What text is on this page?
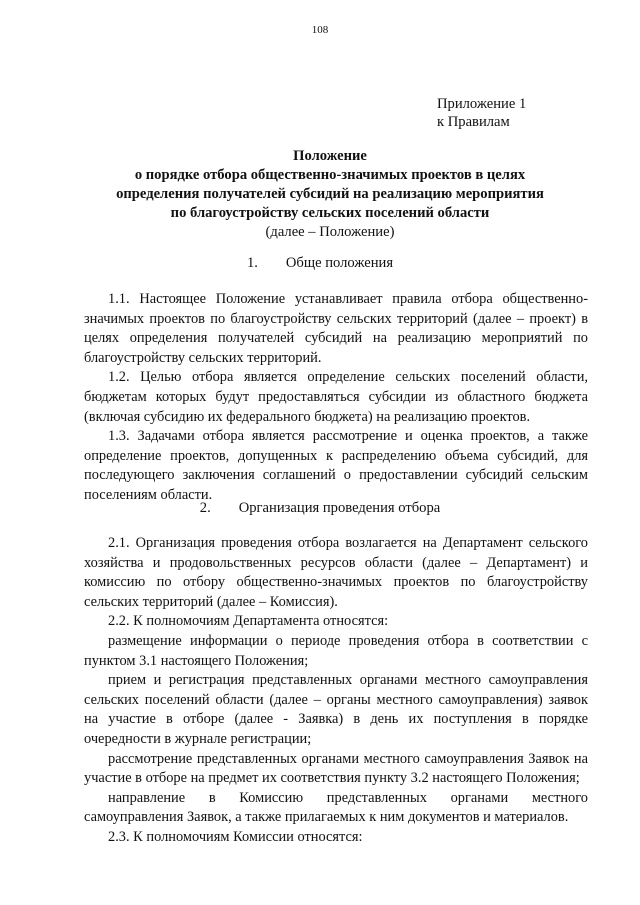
108
Приложение 1
к Правилам
Положение
о порядке отбора общественно-значимых проектов в целях
определения получателей субсидий на реализацию мероприятия
по благоустройству сельских поселений области
(далее – Положение)
1. Обще положения

1.1. Настоящее Положение устанавливает правила отбора общественно-значимых проектов по благоустройству сельских территорий (далее – проект) в целях определения получателей субсидий на реализацию мероприятий по благоустройству сельских территорий.

1.2. Целью отбора является определение сельских поселений области, бюджетам которых будут предоставляться субсидии из областного бюджета (включая субсидию их федерального бюджета) на реализацию проектов.

1.3. Задачами отбора является рассмотрение и оценка проектов, а также определение проектов, допущенных к распределению объема субсидий, для последующего заключения соглашений о предоставлении субсидий сельским поселениям области.

2. Организация проведения отбора

2.1. Организация проведения отбора возлагается на Департамент сельского хозяйства и продовольственных ресурсов области (далее – Департамент) и комиссию по отбору общественно-значимых проектов по благоустройству сельских территорий (далее – Комиссия).

2.2. К полномочиям Департамента относятся:

размещение информации о периоде проведения отбора в соответствии с пунктом 3.1 настоящего Положения;

прием и регистрация представленных органами местного самоуправления сельских поселений области (далее – органы местного самоуправления) заявок на участие в отборе (далее - Заявка) в день их поступления в порядке очередности в журнале регистрации;

рассмотрение представленных органами местного самоуправления Заявок на участие в отборе на предмет их соответствия пункту 3.2 настоящего Положения;

направление в Комиссию представленных органами местного самоуправления Заявок, а также прилагаемых к ним документов и материалов.

2.3. К полномочиям Комиссии относятся:
